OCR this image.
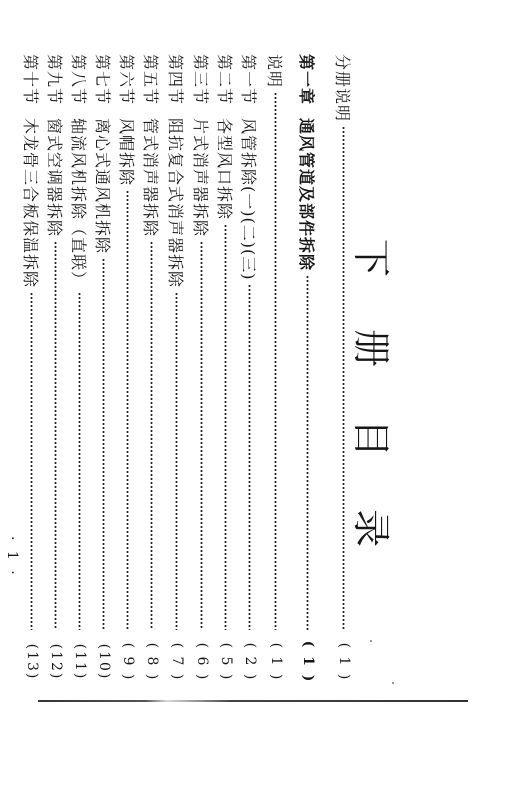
下 册 目 录
分册说明
( 1 )
第一章
通风管道及部件拆除
( 1 )
说明
( 1 )
第一节
风管拆除(一)(二)(三)
( 2 )
第二节
各型风口拆除
( 5 )
第三节
片式消声器拆除
( 6 )
第四节
阻抗复合式消声器拆除
( 7 )
第五节
管式消声器拆除
( 8 )
第六节
风帽拆除
( 9 )
第七节
离心式通风机拆除
(10)
第八节
轴流风机拆除（直联）
(11)
第九节
窗式空调器拆除
(12)
第十节
木龙骨三合板保温拆除
(13)
· 1 ·
